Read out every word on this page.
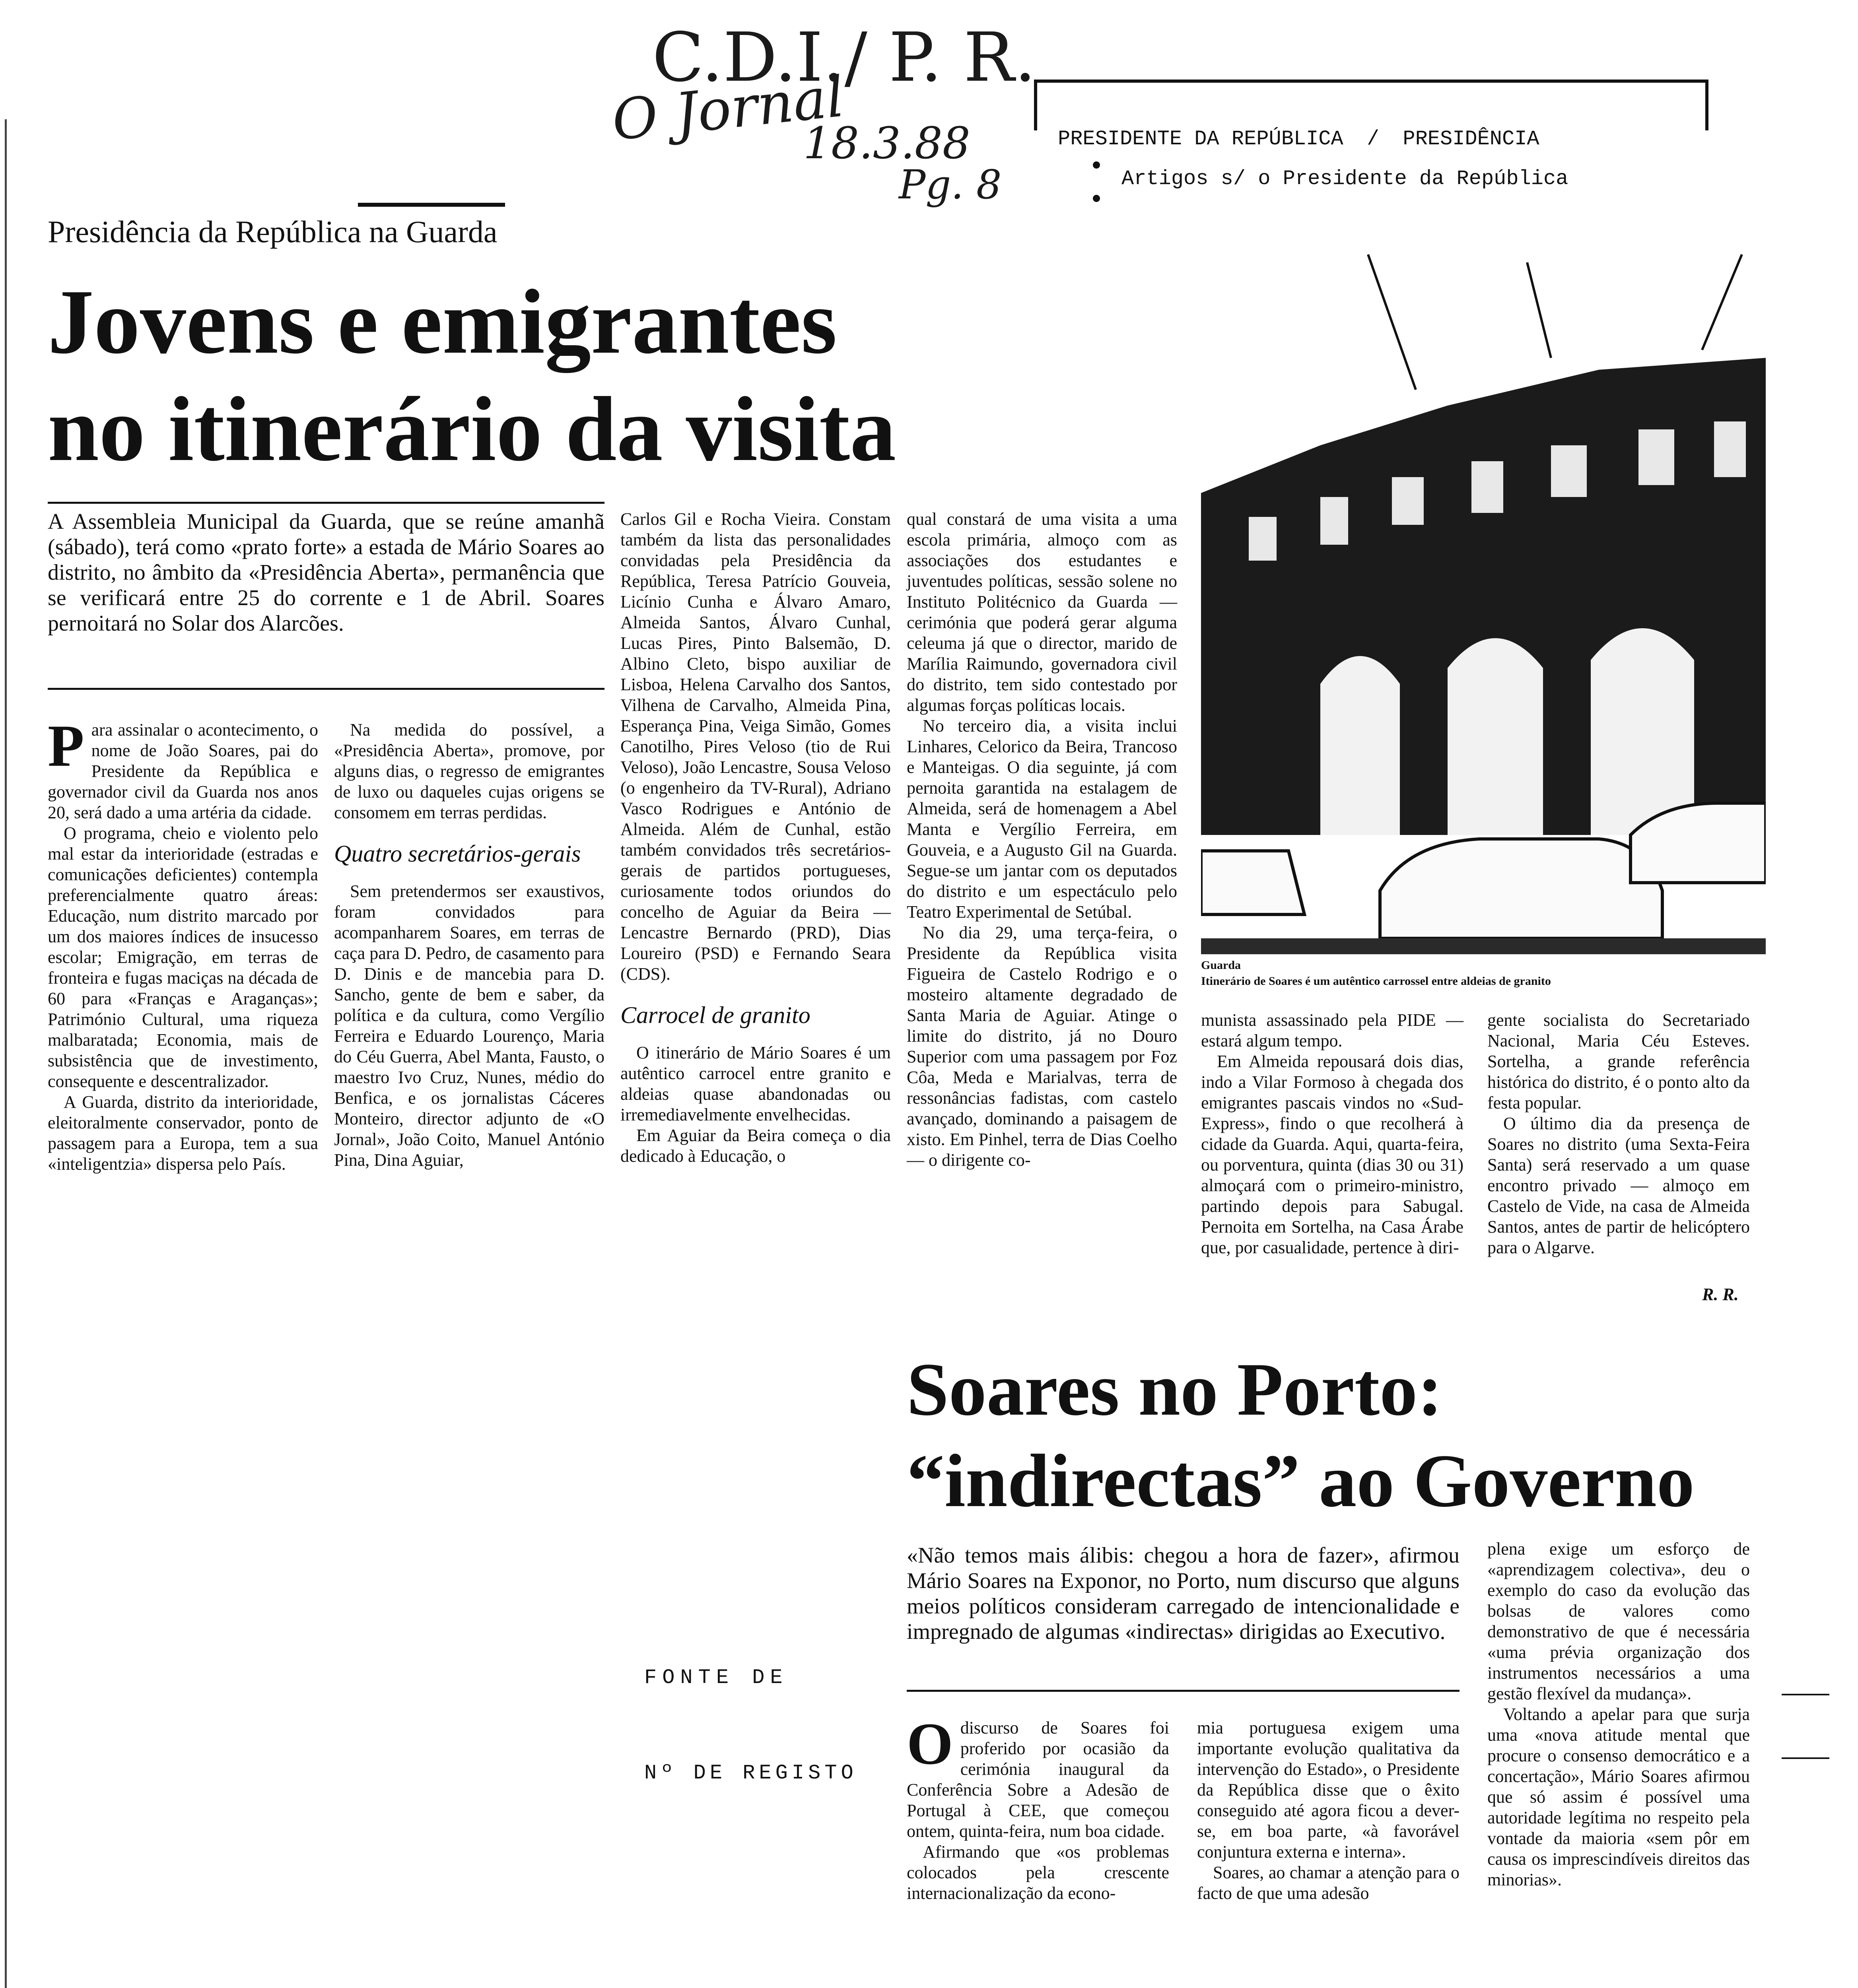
C.D.I./ P. R.
O Jornal
18.3.88
Pg. 8
PRESIDENTE DA REPÚBLICA / PRESIDÊNCIA
Artigos s/ o Presidente da República
Presidência da República na Guarda
Jovens e emigrantes
no itinerário da visita
A Assembleia Municipal da Guarda, que se reúne amanhã (sábado), terá como «prato forte» a estada de Mário Soares ao distrito, no âmbito da «Presidência Aberta», permanência que se verificará entre 25 do corrente e 1 de Abril. Soares pernoitará no Solar dos Alarcões.
P ara assinalar o acontecimento, o nome de João Soares, pai do Presidente da República e governador civil da Guarda nos anos 20, será dado a uma artéria da cidade.

O programa, cheio e violento pelo mal estar da interioridade (estradas e comunicações deficientes) contempla preferencialmente quatro áreas: Educação, num distrito marcado por um dos maiores índices de insucesso escolar; Emigração, em terras de fronteira e fugas maciças na década de 60 para «Franças e Araganças»; Património Cultural, uma riqueza malbaratada; Economia, mais de subsistência que de investimento, consequente e descentralizador.

A Guarda, distrito da interioridade, eleitoralmente conservador, ponto de passagem para a Europa, tem a sua «inteligentzia» dispersa pelo País.

Na medida do possível, a «Presidência Aberta», promove, por alguns dias, o regresso de emigrantes de luxo ou daqueles cujas origens se consomem em terras perdidas.

Quatro secretários-gerais

Sem pretendermos ser exaustivos, foram convidados para acompanharem Soares, em terras de caça para D. Pedro, de casamento para D. Dinis e de mancebia para D. Sancho, gente de bem e saber, da política e da cultura, como Vergílio Ferreira e Eduardo Lourenço, Maria do Céu Guerra, Abel Manta, Fausto, o maestro Ivo Cruz, Nunes, médio do Benfica, e os jornalistas Cáceres Monteiro, director adjunto de «O Jornal», João Coito, Manuel António Pina, Dina Aguiar,

Carlos Gil e Rocha Vieira. Constam também da lista das personalidades convidadas pela Presidência da República, Teresa Patrício Gouveia, Licínio Cunha e Álvaro Amaro, Almeida Santos, Álvaro Cunhal, Lucas Pires, Pinto Balsemão, D. Albino Cleto, bispo auxiliar de Lisboa, Helena Carvalho dos Santos, Vilhena de Carvalho, Almeida Pina, Esperança Pina, Veiga Simão, Gomes Canotilho, Pires Veloso (tio de Rui Veloso), João Lencastre, Sousa Veloso (o engenheiro da TV-Rural), Adriano Vasco Rodrigues e António de Almeida. Além de Cunhal, estão também convidados três secretários-gerais de partidos portugueses, curiosamente todos oriundos do concelho de Aguiar da Beira — Lencastre Bernardo (PRD), Dias Loureiro (PSD) e Fernando Seara (CDS).

Carrocel de granito

O itinerário de Mário Soares é um autêntico carrocel entre granito e aldeias quase abandonadas ou irremediavelmente envelhecidas.

Em Aguiar da Beira começa o dia dedicado à Educação, o

qual constará de uma visita a uma escola primária, almoço com as associações dos estudantes e juventudes políticas, sessão solene no Instituto Politécnico da Guarda — cerimónia que poderá gerar alguma celeuma já que o director, marido de Marília Raimundo, governadora civil do distrito, tem sido contestado por algumas forças políticas locais.

No terceiro dia, a visita inclui Linhares, Celorico da Beira, Trancoso e Manteigas. O dia seguinte, já com pernoita garantida na estalagem de Almeida, será de homenagem a Abel Manta e Vergílio Ferreira, em Gouveia, e a Augusto Gil na Guarda. Segue-se um jantar com os deputados do distrito e um espectáculo pelo Teatro Experimental de Setúbal.

No dia 29, uma terça-feira, o Presidente da República visita Figueira de Castelo Rodrigo e o mosteiro altamente degradado de Santa Maria de Aguiar. Atinge o limite do distrito, já no Douro Superior com uma passagem por Foz Côa, Meda e Marialvas, terra de ressonâncias fadistas, com castelo avançado, dominando a paisagem de xisto. Em Pinhel, terra de Dias Coelho — o dirigente co-

Guarda
Itinerário de Soares é um autêntico carrossel entre aldeias de granito

munista assassinado pela PIDE — estará algum tempo.

Em Almeida repousará dois dias, indo a Vilar Formoso à chegada dos emigrantes pascais vindos no «Sud-Express», findo o que recolherá à cidade da Guarda. Aqui, quarta-feira, ou porventura, quinta (dias 30 ou 31) almoçará com o primeiro-ministro, partindo depois para Sabugal. Pernoita em Sortelha, na Casa Árabe que, por casualidade, pertence à diri-

gente socialista do Secretariado Nacional, Maria Céu Esteves. Sortelha, a grande referência histórica do distrito, é o ponto alto da festa popular.

O último dia da presença de Soares no distrito (uma Sexta-Feira Santa) será reservado a um quase encontro privado — almoço em Castelo de Vide, na casa de Almeida Santos, antes de partir de helicóptero para o Algarve.

R. R.
Soares no Porto:
“indirectas” ao Governo
«Não temos mais álibis: chegou a hora de fazer», afirmou Mário Soares na Exponor, no Porto, num discurso que alguns meios políticos consideram carregado de intencionalidade e impregnado de algumas «indirectas» dirigidas ao Executivo.

plena exige um esforço de «aprendizagem colectiva», deu o exemplo do caso da evolução das bolsas de valores como demonstrativo de que é necessária «uma prévia organização dos instrumentos necessários a uma gestão flexível da mudança».

Voltando a apelar para que surja uma «nova atitude mental que procure o consenso democrático e a concertação», Mário Soares afirmou que só assim é possível uma autoridade legítima no respeito pela vontade da maioria «sem pôr em causa os imprescindíveis direitos das minorias».

O discurso de Soares foi proferido por ocasião da cerimónia inaugural da Conferência Sobre a Adesão de Portugal à CEE, que começou ontem, quinta-feira, num boa cidade.

Afirmando que «os problemas colocados pela crescente internacionalização da econo-

mia portuguesa exigem uma importante evolução qualitativa da intervenção do Estado», o Presidente da República disse que o êxito conseguido até agora ficou a dever-se, em boa parte, «à favorável conjuntura externa e interna».

Soares, ao chamar a atenção para o facto de que uma adesão

FONTE DE
Nº DE REGISTO
